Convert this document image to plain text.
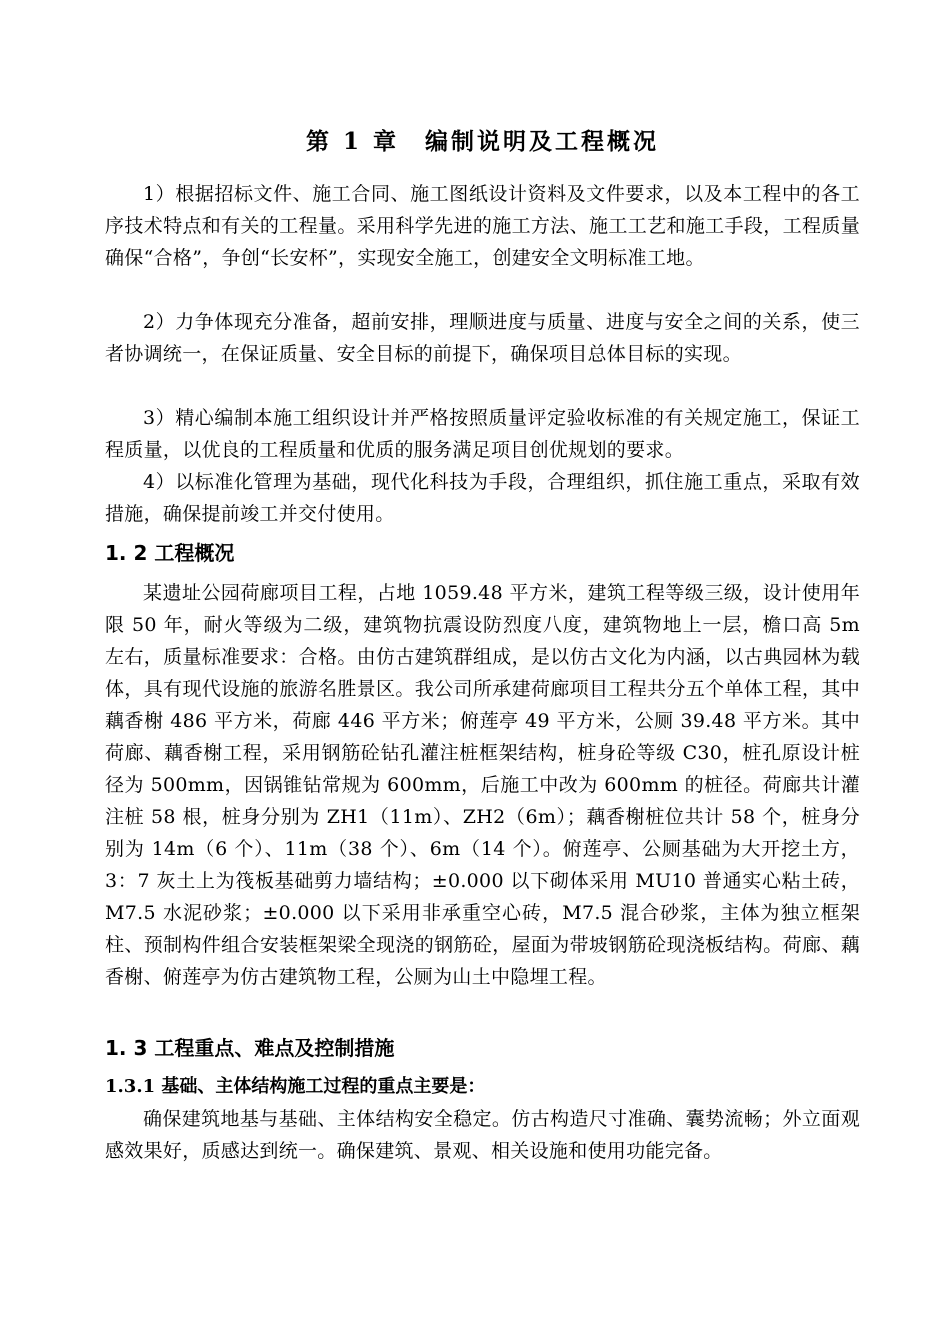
第 1 章 编制说明及工程概况

1）根据招标文件、施工合同、施工图纸设计资料及文件要求，以及本工程中的各工序技术特点和有关的工程量。采用科学先进的施工方法、施工工艺和施工手段，工程质量确保“合格”，争创“长安杯”，实现安全施工，创建安全文明标准工地。

2）力争体现充分准备，超前安排，理顺进度与质量、进度与安全之间的关系，使三者协调统一，在保证质量、安全目标的前提下，确保项目总体目标的实现。

3）精心编制本施工组织设计并严格按照质量评定验收标准的有关规定施工，保证工程质量，以优良的工程质量和优质的服务满足项目创优规划的要求。

4）以标准化管理为基础，现代化科技为手段，合理组织，抓住施工重点，采取有效措施，确保提前竣工并交付使用。

1. 2 工程概况

某遗址公园荷廊项目工程，占地 1059.48 平方米，建筑工程等级三级，设计使用年限 50 年，耐火等级为二级，建筑物抗震设防烈度八度，建筑物地上一层，檐口高 5m 左右，质量标准要求：合格。由仿古建筑群组成，是以仿古文化为内涵，以古典园林为载体，具有现代设施的旅游名胜景区。我公司所承建荷廊项目工程共分五个单体工程，其中藕香榭 486 平方米，荷廊 446 平方米；俯莲亭 49 平方米，公厕 39.48 平方米。其中荷廊、藕香榭工程，采用钢筋砼钻孔灌注桩框架结构，桩身砼等级 C30，桩孔原设计桩径为 500mm，因锅锥钻常规为 600mm，后施工中改为 600mm 的桩径。荷廊共计灌注桩 58 根，桩身分别为 ZH1（11m）、ZH2（6m）；藕香榭桩位共计 58 个，桩身分别为 14m（6 个）、11m（38 个）、6m（14 个）。俯莲亭、公厕基础为大开挖土方，3：7 灰土上为筏板基础剪力墙结构；±0.000 以下砌体采用 MU10 普通实心粘土砖，M7.5 水泥砂浆；±0.000 以下采用非承重空心砖，M7.5 混合砂浆，主体为独立框架柱、预制构件组合安装框架梁全现浇的钢筋砼，屋面为带坡钢筋砼现浇板结构。荷廊、藕香榭、俯莲亭为仿古建筑物工程，公厕为山土中隐埋工程。

1. 3 工程重点、难点及控制措施
1.3.1 基础、主体结构施工过程的重点主要是：

确保建筑地基与基础、主体结构安全稳定。仿古构造尺寸准确、囊势流畅；外立面观感效果好，质感达到统一。确保建筑、景观、相关设施和使用功能完备。
